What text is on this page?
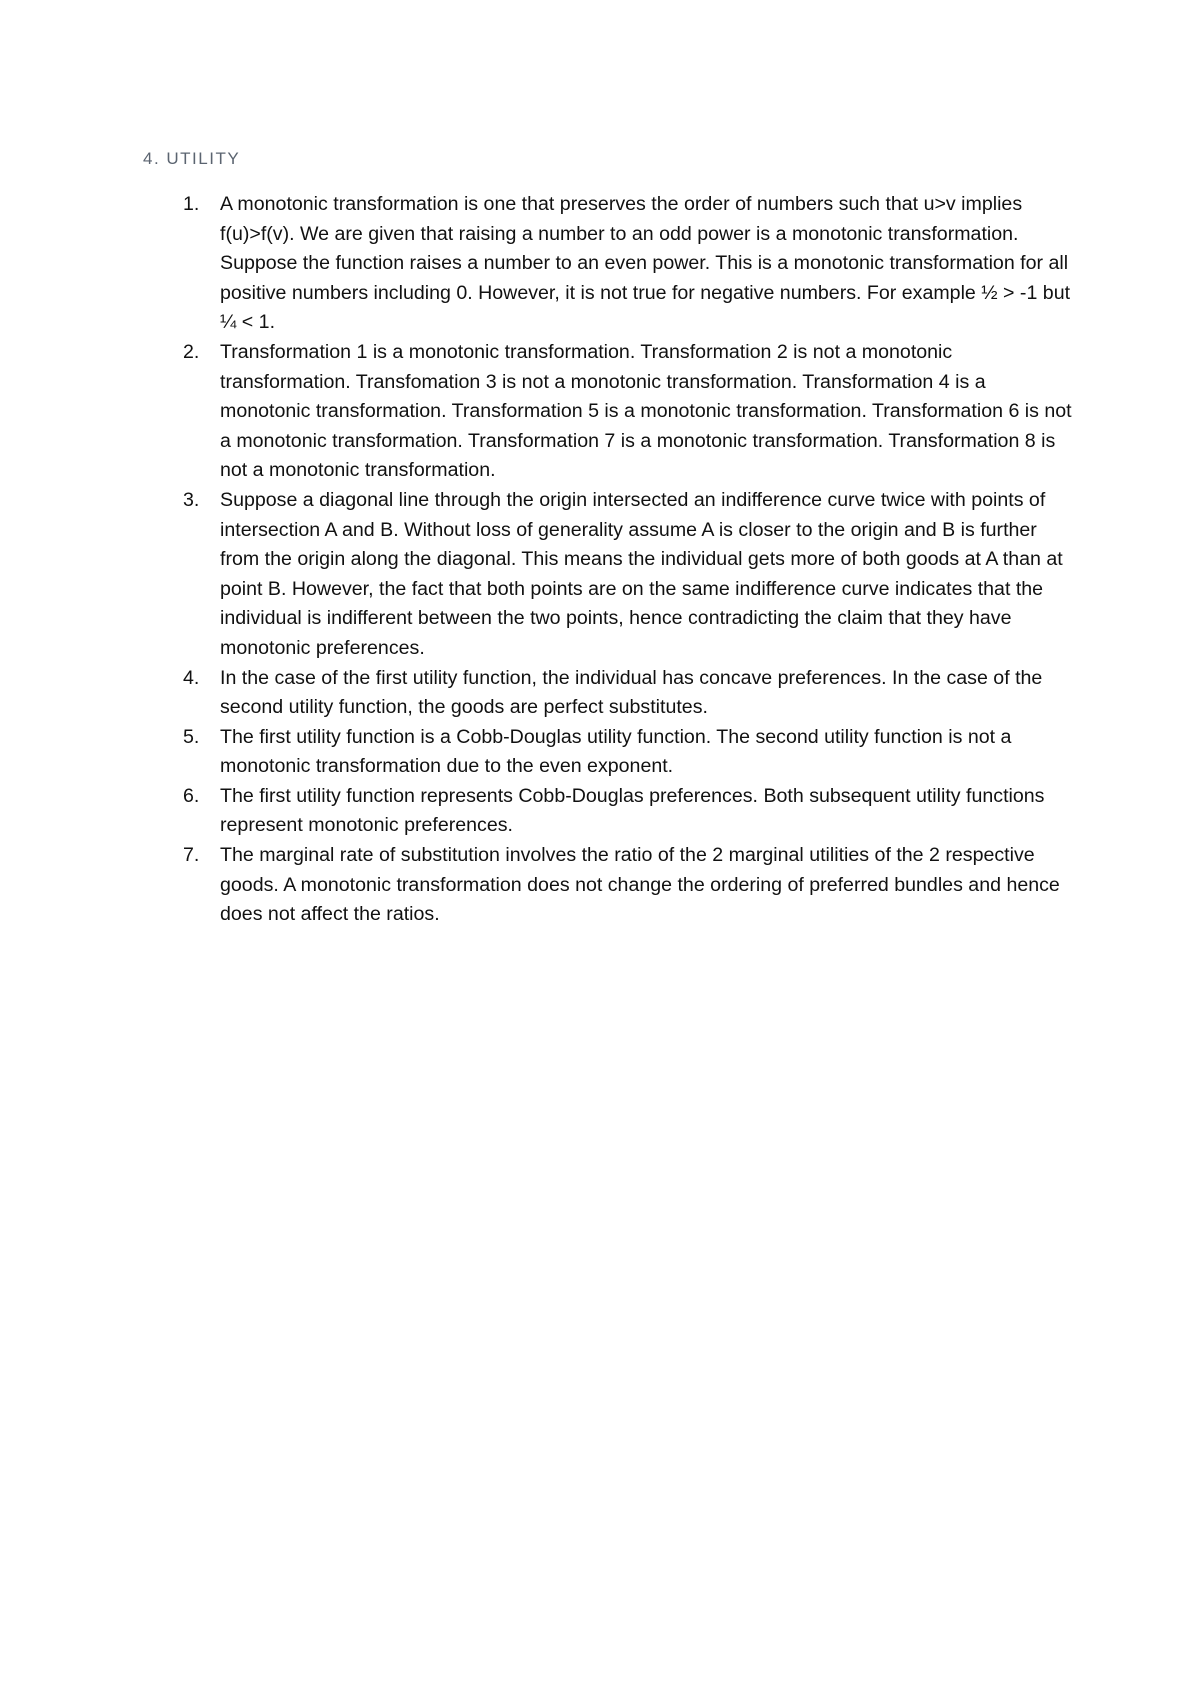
4. UTILITY
1.	A monotonic transformation is one that preserves the order of numbers such that u>v implies f(u)>f(v). We are given that raising a number to an odd power is a monotonic transformation. Suppose the function raises a number to an even power. This is a monotonic transformation for all positive numbers including 0. However, it is not true for negative numbers. For example ½ > -1 but ¼ < 1.
2.	Transformation 1 is a monotonic transformation. Transformation 2 is not a monotonic transformation. Transfomation 3 is not a monotonic transformation. Transformation 4 is a monotonic transformation. Transformation 5 is a monotonic transformation. Transformation 6 is not a monotonic transformation. Transformation 7 is a monotonic transformation. Transformation 8 is not a monotonic transformation.
3.	Suppose a diagonal line through the origin intersected an indifference curve twice with points of intersection A and B. Without loss of generality assume A is closer to the origin and B is further from the origin along the diagonal. This means the individual gets more of both goods at A than at point B. However, the fact that both points are on the same indifference curve indicates that the individual is indifferent between the two points, hence contradicting the claim that they have monotonic preferences.
4.	In the case of the first utility function, the individual has concave preferences. In the case of the second utility function, the goods are perfect substitutes.
5.	The first utility function is a Cobb-Douglas utility function. The second utility function is not a monotonic transformation due to the even exponent.
6.	The first utility function represents Cobb-Douglas preferences. Both subsequent utility functions represent monotonic preferences.
7.	The marginal rate of substitution involves the ratio of the 2 marginal utilities of the 2 respective goods. A monotonic transformation does not change the ordering of preferred bundles and hence does not affect the ratios.
